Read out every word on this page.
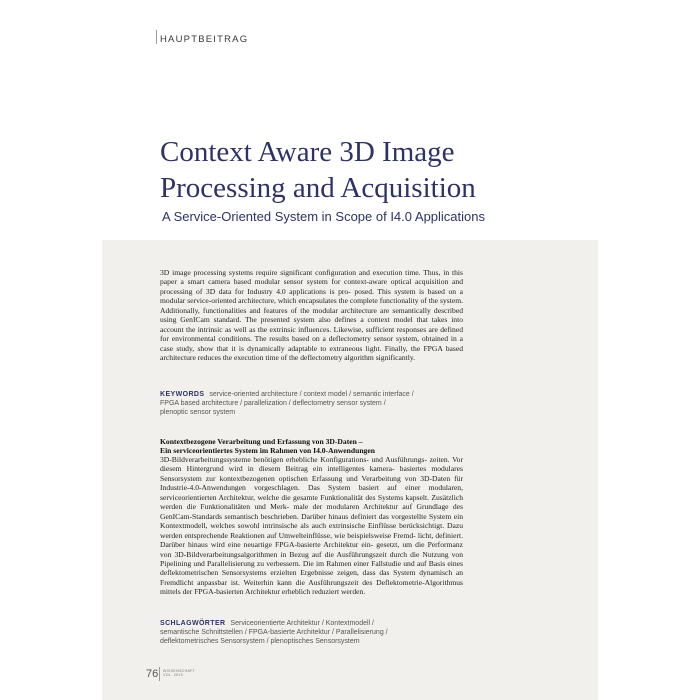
HAUPTBEITRAG
Context Aware 3D Image
Processing and Acquisition
A Service-Oriented System in Scope of I4.0 Applications

3D image processing systems require significant configuration and execution time. Thus, in this paper a smart camera based modular sensor system for context-aware optical acquisition and processing of 3D data for Industry 4.0 applications is pro- posed. This system is based on a modular service-oriented architecture, which encapsulates the complete functionality of the system. Additionally, functionalities and features of the modular architecture are semantically described using GenICam standard. The presented system also defines a context model that takes into account the intrinsic as well as the extrinsic influences. Likewise, sufficient responses are defined for environmental conditions. The results based on a deflectometry sensor system, obtained in a case study, show that it is dynamically adaptable to extraneous light. Finally, the FPGA based architecture reduces the execution time of the deflectometry algorithm significantly.

KEYWORDS service-oriented architecture / context model / semantic interface /
FPGA based architecture / parallelization / deflectometry sensor system /
plenoptic sensor system
Kontextbezogene Verarbeitung und Erfassung von 3D-Daten –
Ein serviceorientiertes System im Rahmen von I4.0-Anwendungen

3D-Bildverarbeitungssysteme benötigen erhebliche Konfigurations- und Ausführungs- zeiten. Vor diesem Hintergrund wird in diesem Beitrag ein intelligentes kamera- basiertes modulares Sensorsystem zur kontextbezogenen optischen Erfassung und Verarbeitung von 3D-Daten für Industrie-4.0-Anwendungen vorgeschlagen. Das System basiert auf einer modularen, serviceorientierten Architektur, welche die gesamte Funktionalität des Systems kapselt. Zusätzlich werden die Funktionalitäten und Merk- male der modularen Architektur auf Grundlage des GenICam-Standards semantisch beschrieben. Darüber hinaus definiert das vorgestellte System ein Kontextmodell, welches sowohl intrinsische als auch extrinsische Einflüsse berücksichtigt. Dazu werden entsprechende Reaktionen auf Umwelteinflüsse, wie beispielsweise Fremd- licht, definiert. Darüber hinaus wird eine neuartige FPGA-basierte Architektur ein- gesetzt, um die Performanz von 3D-Bildverarbeitungsalgorithmen in Bezug auf die Ausführungszeit durch die Nutzung von Pipelining und Parallelisierung zu verbessern. Die im Rahmen einer Fallstudie und auf Basis eines deflektometrischen Sensorsystems erzielten Ergebnisse zeigen, dass das System dynamisch an Fremdlicht anpassbar ist. Weiterhin kann die Ausführungszeit des Deflektometrie-Algorithmus mittels der FPGA-basierten Architektur erheblich reduziert werden.

SCHLAGWÖRTER Serviceorientierte Architektur / Kontextmodell /
semantische Schnittstellen / FPGA-basierte Architektur / Parallelisierung /
deflektometrisches Sensorsystem / plenoptisches Sensorsystem
76 WISSENSCHAFT
VOL. 2019
